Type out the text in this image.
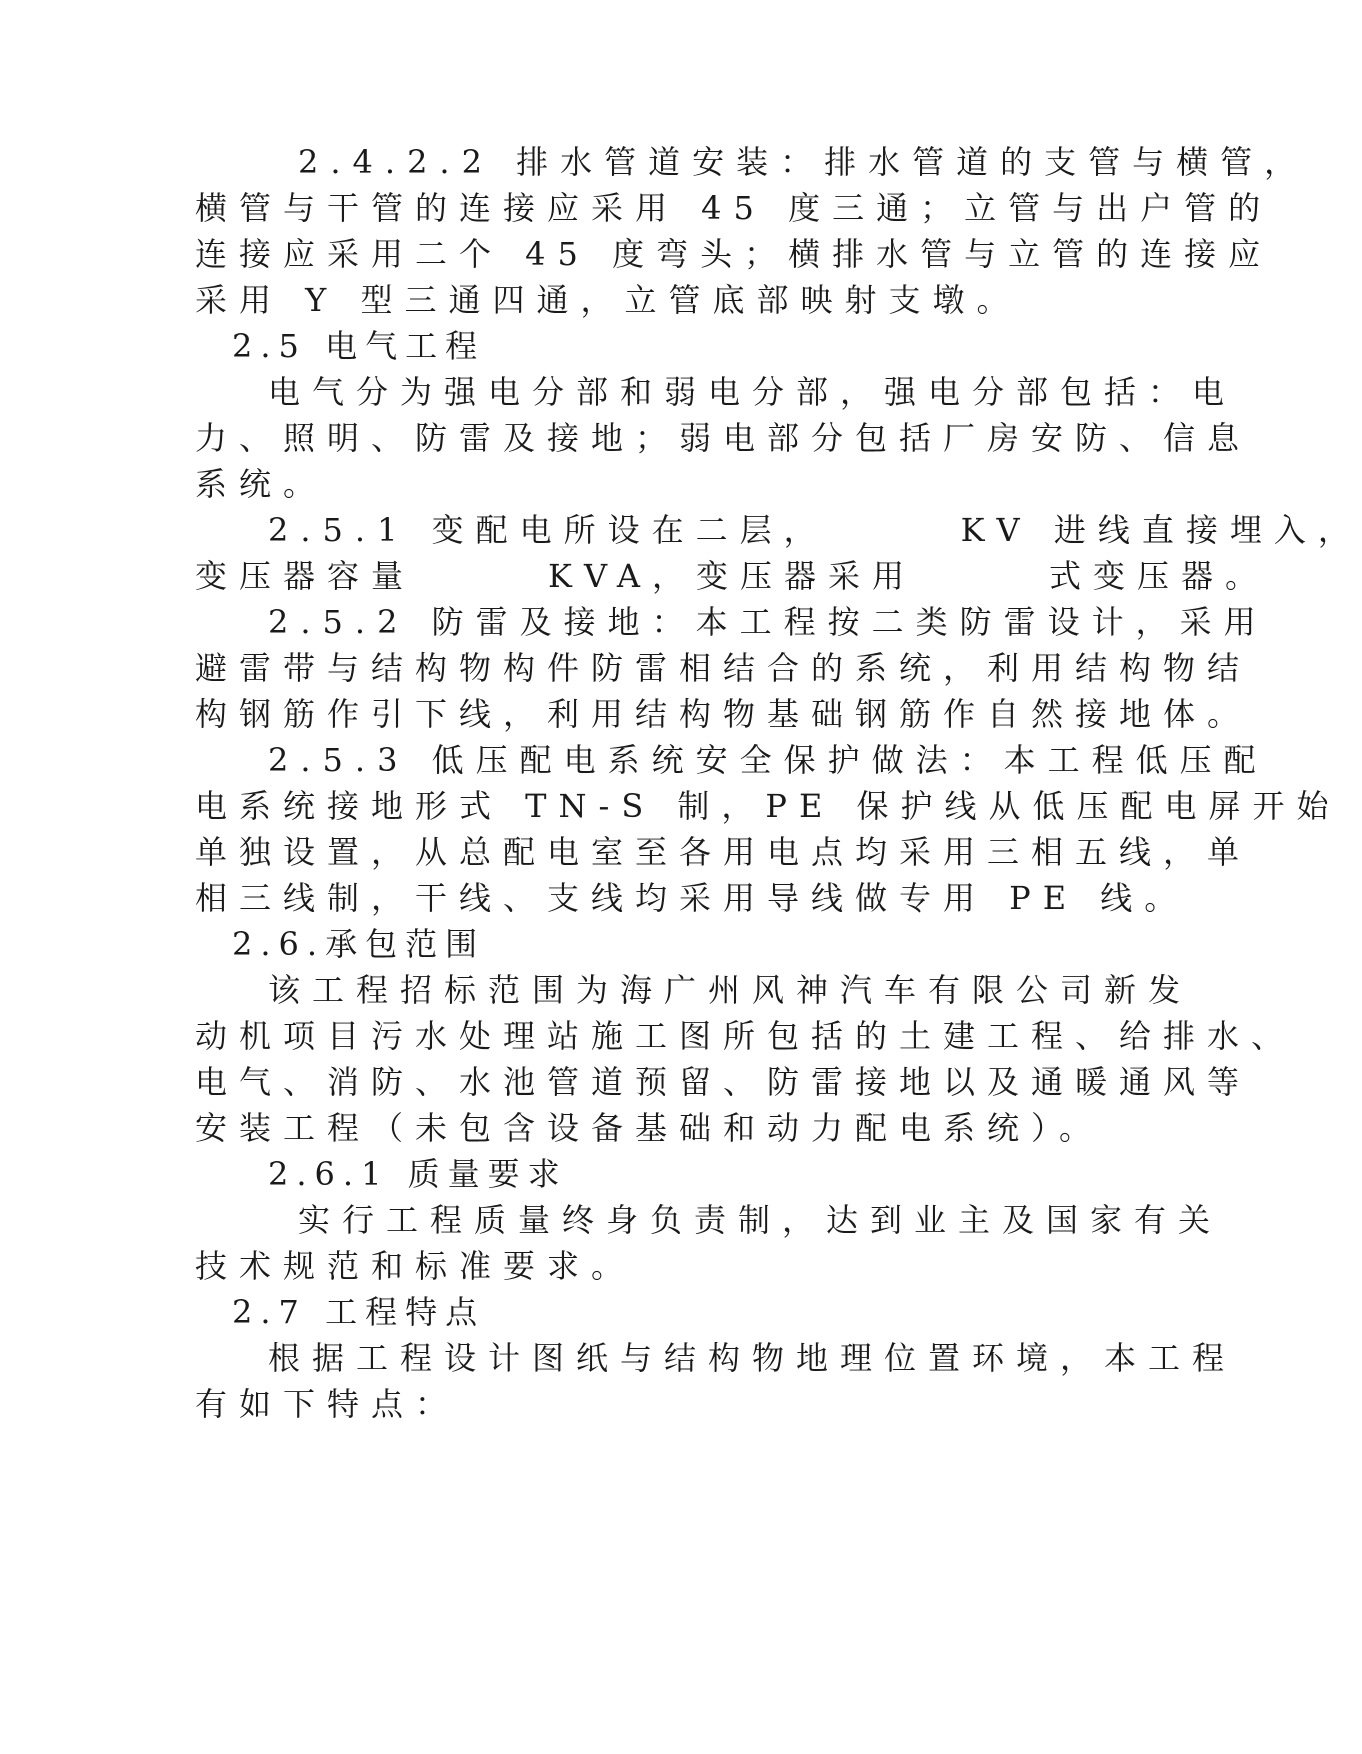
2.4.2.2 排水管道安装：排水管道的支管与横管，

横管与干管的连接应采用 45 度三通；立管与出户管的

连接应采用二个 45 度弯头；横排水管与立管的连接应

采用 Y 型三通四通，立管底部映射支墩。

2.5 电气工程

电气分为强电分部和弱电分部，强电分部包括：电

力、照明、防雷及接地；弱电部分包括厂房安防、信息

系统。

2.5.1 变配电所设在二层，      KV 进线直接埋入，

变压器容量      KVA，变压器采用      式变压器。

2.5.2 防雷及接地：本工程按二类防雷设计，采用

避雷带与结构物构件防雷相结合的系统，利用结构物结

构钢筋作引下线，利用结构物基础钢筋作自然接地体。

2.5.3 低压配电系统安全保护做法：本工程低压配

电系统接地形式 TN-S 制，PE 保护线从低压配电屏开始

单独设置，从总配电室至各用电点均采用三相五线，单

相三线制，干线、支线均采用导线做专用 PE 线。

2.6.承包范围

该工程招标范围为海广州风神汽车有限公司新发

动机项目污水处理站施工图所包括的土建工程、给排水、

电气、消防、水池管道预留、防雷接地以及通暖通风等

安装工程（未包含设备基础和动力配电系统）。

2.6.1 质量要求

实行工程质量终身负责制，达到业主及国家有关

技术规范和标准要求。

2.7 工程特点

根据工程设计图纸与结构物地理位置环境，本工程

有如下特点：
